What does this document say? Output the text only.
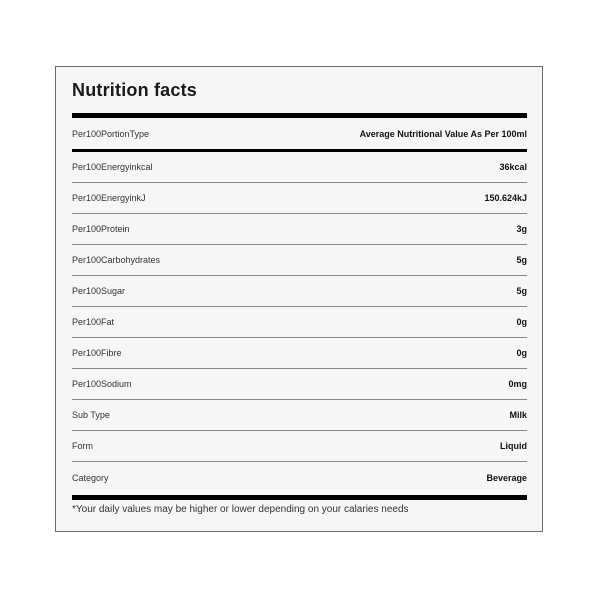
Nutrition facts
Per100PortionType	Average Nutritional Value As Per 100ml
Per100Energyinkcal	36kcal
Per100EnergyinkJ	150.624kJ
Per100Protein	3g
Per100Carbohydrates	5g
Per100Sugar	5g
Per100Fat	0g
Per100Fibre	0g
Per100Sodium	0mg
Sub Type	Milk
Form	Liquid
Category	Beverage
*Your daily values may be higher or lower depending on your calaries needs
